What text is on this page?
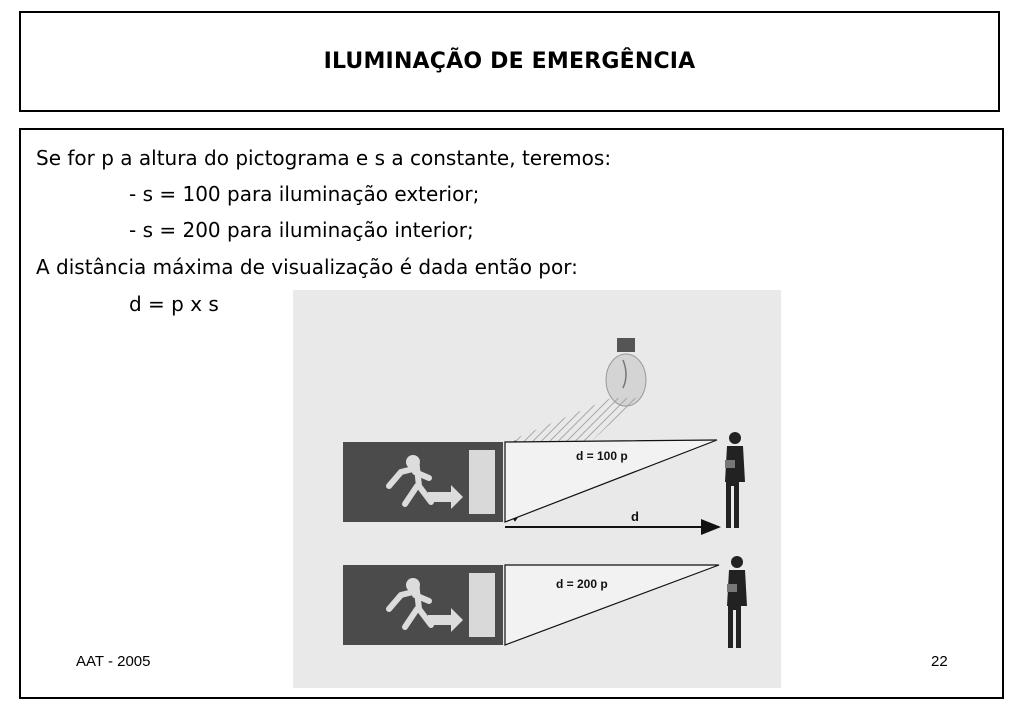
ILUMINAÇÃO DE EMERGÊNCIA
Se for p a altura do pictograma e s a constante, teremos:
- s = 100 para iluminação exterior;
- s = 200 para iluminação interior;
A distância máxima de visualização é dada então por:
d = p x s
d = 100 p
d
d = 200 p
AAT - 2005	22
